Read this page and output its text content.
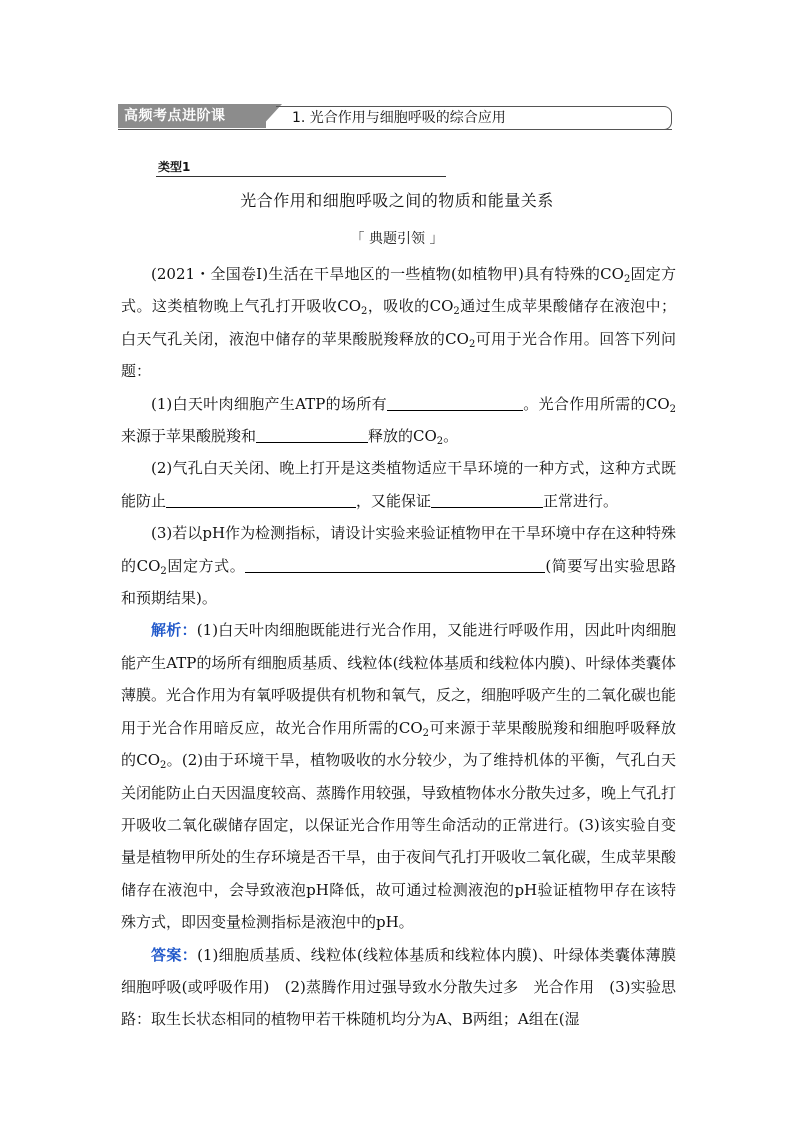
高频考点进阶课	1. 光合作用与细胞呼吸的综合应用
类型1
光合作用和细胞呼吸之间的物质和能量关系
「 典题引领 」

(2021・全国卷Ⅰ)生活在干旱地区的一些植物(如植物甲)具有特殊的$CO_2$固定方式。这类植物晚上气孔打开吸收$CO_2$，吸收的$CO_2$通过生成苹果酸储存在液泡中；白天气孔关闭，液泡中储存的苹果酸脱羧释放的$CO_2$可用于光合作用。回答下列问题：

(1)白天叶肉细胞产生ATP的场所有	。光合作用所需的$CO_2$来源于苹果酸脱羧和	释放的$CO_2$。

(2)气孔白天关闭、晚上打开是这类植物适应干旱环境的一种方式，这种方式既能防止	，又能保证	正常进行。

(3)若以pH作为检测指标，请设计实验来验证植物甲在干旱环境中存在这种特殊的$CO_2$固定方式。	(简要写出实验思路和预期结果)。

解析：(1)白天叶肉细胞既能进行光合作用，又能进行呼吸作用，因此叶肉细胞能产生ATP的场所有细胞质基质、线粒体(线粒体基质和线粒体内膜)、叶绿体类囊体薄膜。光合作用为有氧呼吸提供有机物和氧气，反之，细胞呼吸产生的二氧化碳也能用于光合作用暗反应，故光合作用所需的$CO_2$可来源于苹果酸脱羧和细胞呼吸释放的$CO_2$。(2)由于环境干旱，植物吸收的水分较少，为了维持机体的平衡，气孔白天关闭能防止白天因温度较高、蒸腾作用较强，导致植物体水分散失过多，晚上气孔打开吸收二氧化碳储存固定，以保证光合作用等生命活动的正常进行。(3)该实验自变量是植物甲所处的生存环境是否干旱，由于夜间气孔打开吸收二氧化碳，生成苹果酸储存在液泡中，会导致液泡pH降低，故可通过检测液泡的pH验证植物甲存在该特殊方式，即因变量检测指标是液泡中的pH。

答案：(1)细胞质基质、线粒体(线粒体基质和线粒体内膜)、叶绿体类囊体薄膜　细胞呼吸(或呼吸作用)　(2)蒸腾作用过强导致水分散失过多　光合作用　(3)实验思路：取生长状态相同的植物甲若干株随机均分为A、B两组；A组在(湿
